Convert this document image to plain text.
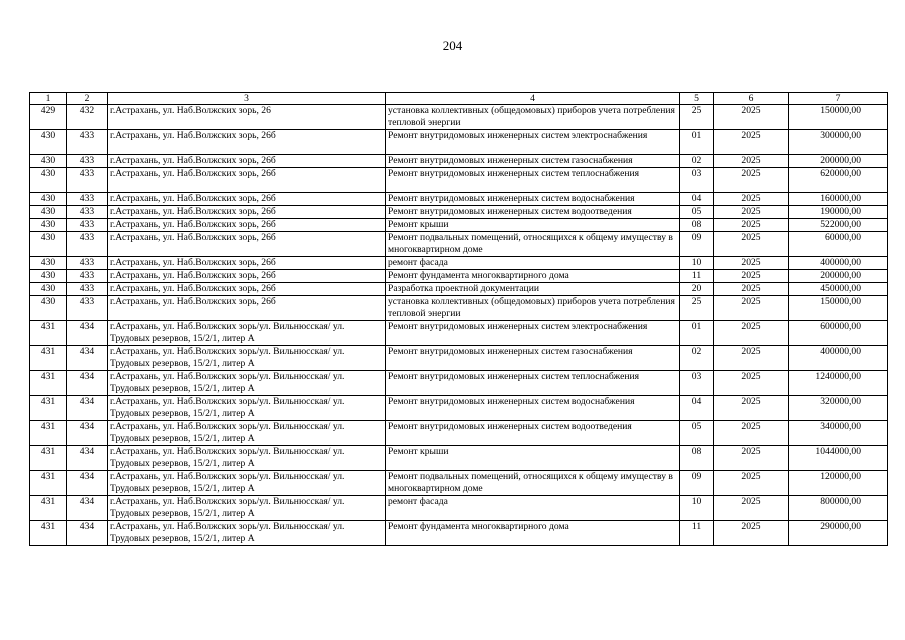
204
1	2	3	4	5	6	7
429	432	г.Астрахань, ул. Наб.Волжских зорь, 26	установка коллективных (общедомовых) приборов учета потребления тепловой энергии	25	2025	150000,00
430	433	г.Астрахань, ул. Наб.Волжских зорь, 26б	Ремонт внутридомовых инженерных систем электроснабжения	01	2025	300000,00
430	433	г.Астрахань, ул. Наб.Волжских зорь, 26б	Ремонт внутридомовых инженерных систем газоснабжения	02	2025	200000,00
430	433	г.Астрахань, ул. Наб.Волжских зорь, 26б	Ремонт внутридомовых инженерных систем теплоснабжения	03	2025	620000,00
430	433	г.Астрахань, ул. Наб.Волжских зорь, 26б	Ремонт внутридомовых инженерных систем водоснабжения	04	2025	160000,00
430	433	г.Астрахань, ул. Наб.Волжских зорь, 26б	Ремонт внутридомовых инженерных систем водоотведения	05	2025	190000,00
430	433	г.Астрахань, ул. Наб.Волжских зорь, 26б	Ремонт крыши	08	2025	522000,00
430	433	г.Астрахань, ул. Наб.Волжских зорь, 26б	Ремонт подвальных помещений, относящихся к общему имуществу в многоквартирном доме	09	2025	60000,00
430	433	г.Астрахань, ул. Наб.Волжских зорь, 26б	ремонт фасада	10	2025	400000,00
430	433	г.Астрахань, ул. Наб.Волжских зорь, 26б	Ремонт фундамента многоквартирного дома	11	2025	200000,00
430	433	г.Астрахань, ул. Наб.Волжских зорь, 26б	Разработка проектной документации	20	2025	450000,00
430	433	г.Астрахань, ул. Наб.Волжских зорь, 26б	установка коллективных (общедомовых) приборов учета потребления тепловой энергии	25	2025	150000,00
431	434	г.Астрахань, ул. Наб.Волжских зорь/ул. Вильнюсская/ ул. Трудовых резервов, 15/2/1, литер А	Ремонт внутридомовых инженерных систем электроснабжения	01	2025	600000,00
431	434	г.Астрахань, ул. Наб.Волжских зорь/ул. Вильнюсская/ ул. Трудовых резервов, 15/2/1, литер А	Ремонт внутридомовых инженерных систем газоснабжения	02	2025	400000,00
431	434	г.Астрахань, ул. Наб.Волжских зорь/ул. Вильнюсская/ ул. Трудовых резервов, 15/2/1, литер А	Ремонт внутридомовых инженерных систем теплоснабжения	03	2025	1240000,00
431	434	г.Астрахань, ул. Наб.Волжских зорь/ул. Вильнюсская/ ул. Трудовых резервов, 15/2/1, литер А	Ремонт внутридомовых инженерных систем водоснабжения	04	2025	320000,00
431	434	г.Астрахань, ул. Наб.Волжских зорь/ул. Вильнюсская/ ул. Трудовых резервов, 15/2/1, литер А	Ремонт внутридомовых инженерных систем водоотведения	05	2025	340000,00
431	434	г.Астрахань, ул. Наб.Волжских зорь/ул. Вильнюсская/ ул. Трудовых резервов, 15/2/1, литер А	Ремонт крыши	08	2025	1044000,00
431	434	г.Астрахань, ул. Наб.Волжских зорь/ул. Вильнюсская/ ул. Трудовых резервов, 15/2/1, литер А	Ремонт подвальных помещений, относящихся к общему имуществу в многоквартирном доме	09	2025	120000,00
431	434	г.Астрахань, ул. Наб.Волжских зорь/ул. Вильнюсская/ ул. Трудовых резервов, 15/2/1, литер А	ремонт фасада	10	2025	800000,00
431	434	г.Астрахань, ул. Наб.Волжских зорь/ул. Вильнюсская/ ул. Трудовых резервов, 15/2/1, литер А	Ремонт фундамента многоквартирного дома	11	2025	290000,00
